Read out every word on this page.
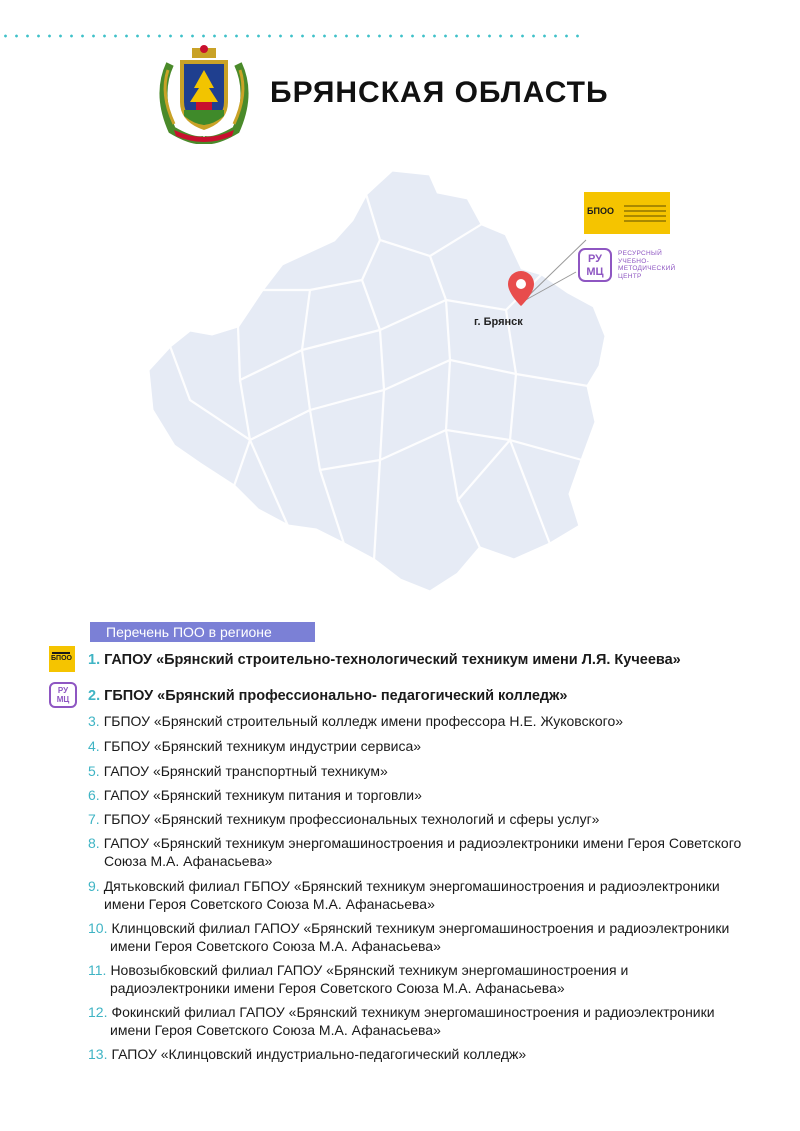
БРЯНСКАЯ ОБЛАСТЬ
г. Брянск
БПОО
РУ МЦ
РЕСУРСНЫЙ
УЧЕБНО-
МЕТОДИЧЕСКИЙ
ЦЕНТР
Перечень ПОО в регионе
БПОО
РУ МЦ
1. ГАПОУ «Брянский строительно-технологический техникум имени Л.Я. Кучеева»
2. ГБПОУ «Брянский профессионально- педагогический колледж»
3. ГБПОУ «Брянский строительный колледж имени профессора Н.Е. Жуковского»
4. ГБПОУ «Брянский техникум индустрии сервиса»
5. ГАПОУ «Брянский транспортный техникум»
6. ГАПОУ «Брянский техникум питания и торговли»
7. ГБПОУ «Брянский техникум профессиональных технологий и сферы услуг»
8. ГАПОУ «Брянский техникум энергомашиностроения и радиоэлектроники имени Героя Советского
Союза М.А. Афанасьева»
9. Дятьковский филиал ГБПОУ «Брянский техникум энергомашиностроения и радиоэлектроники
имени Героя Советского Союза М.А. Афанасьева»
10. Клинцовский филиал ГАПОУ «Брянский техникум энергомашиностроения и радиоэлектроники
имени Героя Советского Союза М.А. Афанасьева»
11. Новозыбковский филиал ГАПОУ «Брянский техникум энергомашиностроения и
радиоэлектроники имени Героя Советского Союза М.А. Афанасьева»
12. Фокинский филиал ГАПОУ «Брянский техникум энергомашиностроения и радиоэлектроники
имени Героя Советского Союза М.А. Афанасьева»
13. ГАПОУ «Клинцовский индустриально-педагогический колледж»
